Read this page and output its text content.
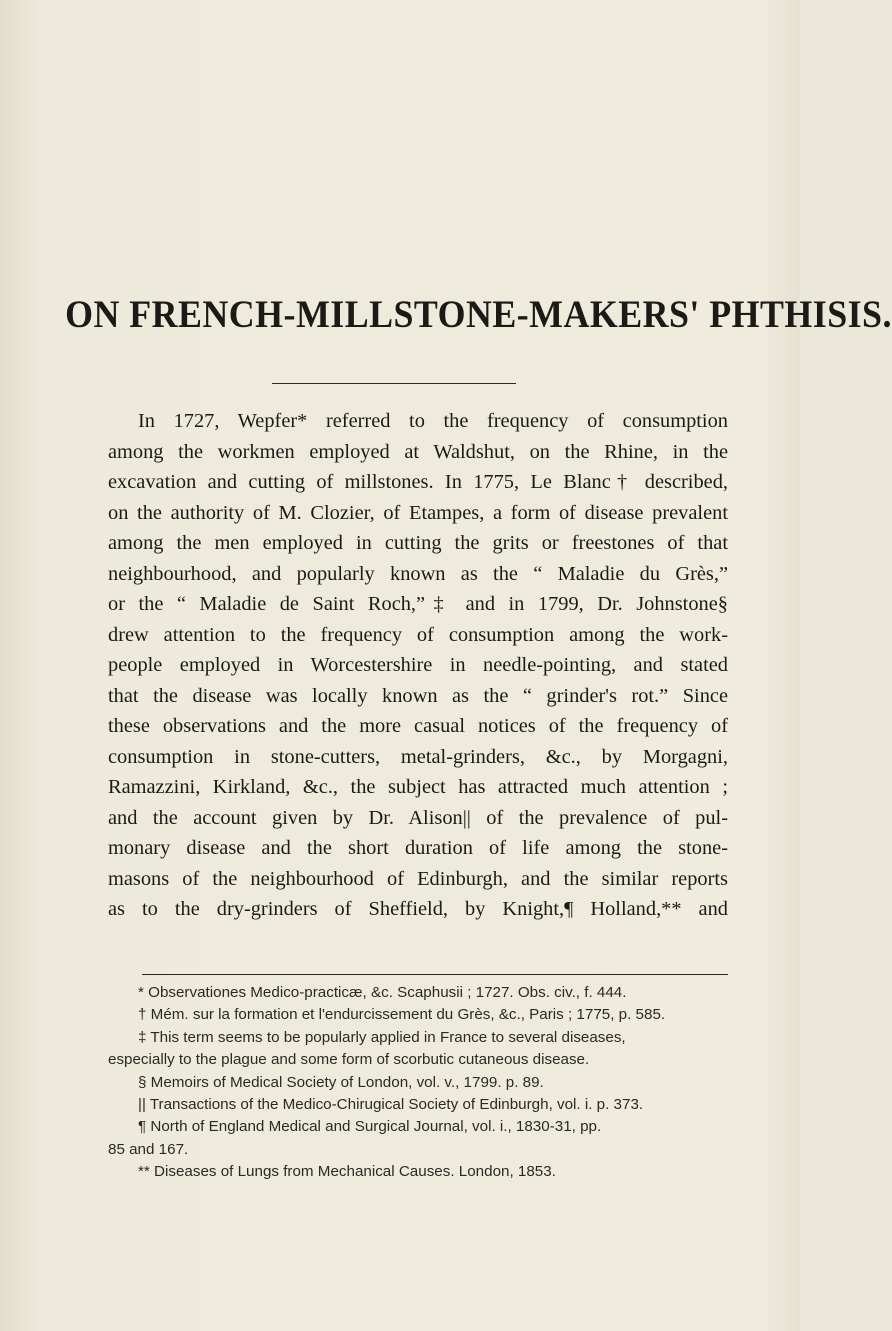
ON FRENCH-MILLSTONE-MAKERS' PHTHISIS.
In 1727, Wepfer* referred to the frequency of consumption
among the workmen employed at Waldshut, on the Rhine, in the
excavation and cutting of millstones. In 1775, Le Blanc† described,
on the authority of M. Clozier, of Etampes, a form of disease prevalent
among the men employed in cutting the grits or freestones of that
neighbourhood, and popularly known as the “ Maladie du Grès,”
or the “ Maladie de Saint Roch,”‡ and in 1799, Dr. Johnstone§
drew attention to the frequency of consumption among the work-
people employed in Worcestershire in needle-pointing, and stated
that the disease was locally known as the “ grinder's rot.” Since
these observations and the more casual notices of the frequency of
consumption in stone-cutters, metal-grinders, &c., by Morgagni,
Ramazzini, Kirkland, &c., the subject has attracted much attention ;
and the account given by Dr. Alison|| of the prevalence of pul-
monary disease and the short duration of life among the stone-
masons of the neighbourhood of Edinburgh, and the similar reports
as to the dry-grinders of Sheffield, by Knight,¶ Holland,** and
* Observationes Medico-practicæ, &c. Scaphusii ; 1727. Obs. civ., f. 444.
† Mém. sur la formation et l'endurcissement du Grès, &c., Paris ; 1775, p. 585.
‡ This term seems to be popularly applied in France to several diseases,
especially to the plague and some form of scorbutic cutaneous disease.
§ Memoirs of Medical Society of London, vol. v., 1799. p. 89.
|| Transactions of the Medico-Chirugical Society of Edinburgh, vol. i. p. 373.
¶ North of England Medical and Surgical Journal, vol. i., 1830-31, pp.
85 and 167.
** Diseases of Lungs from Mechanical Causes. London, 1853.
